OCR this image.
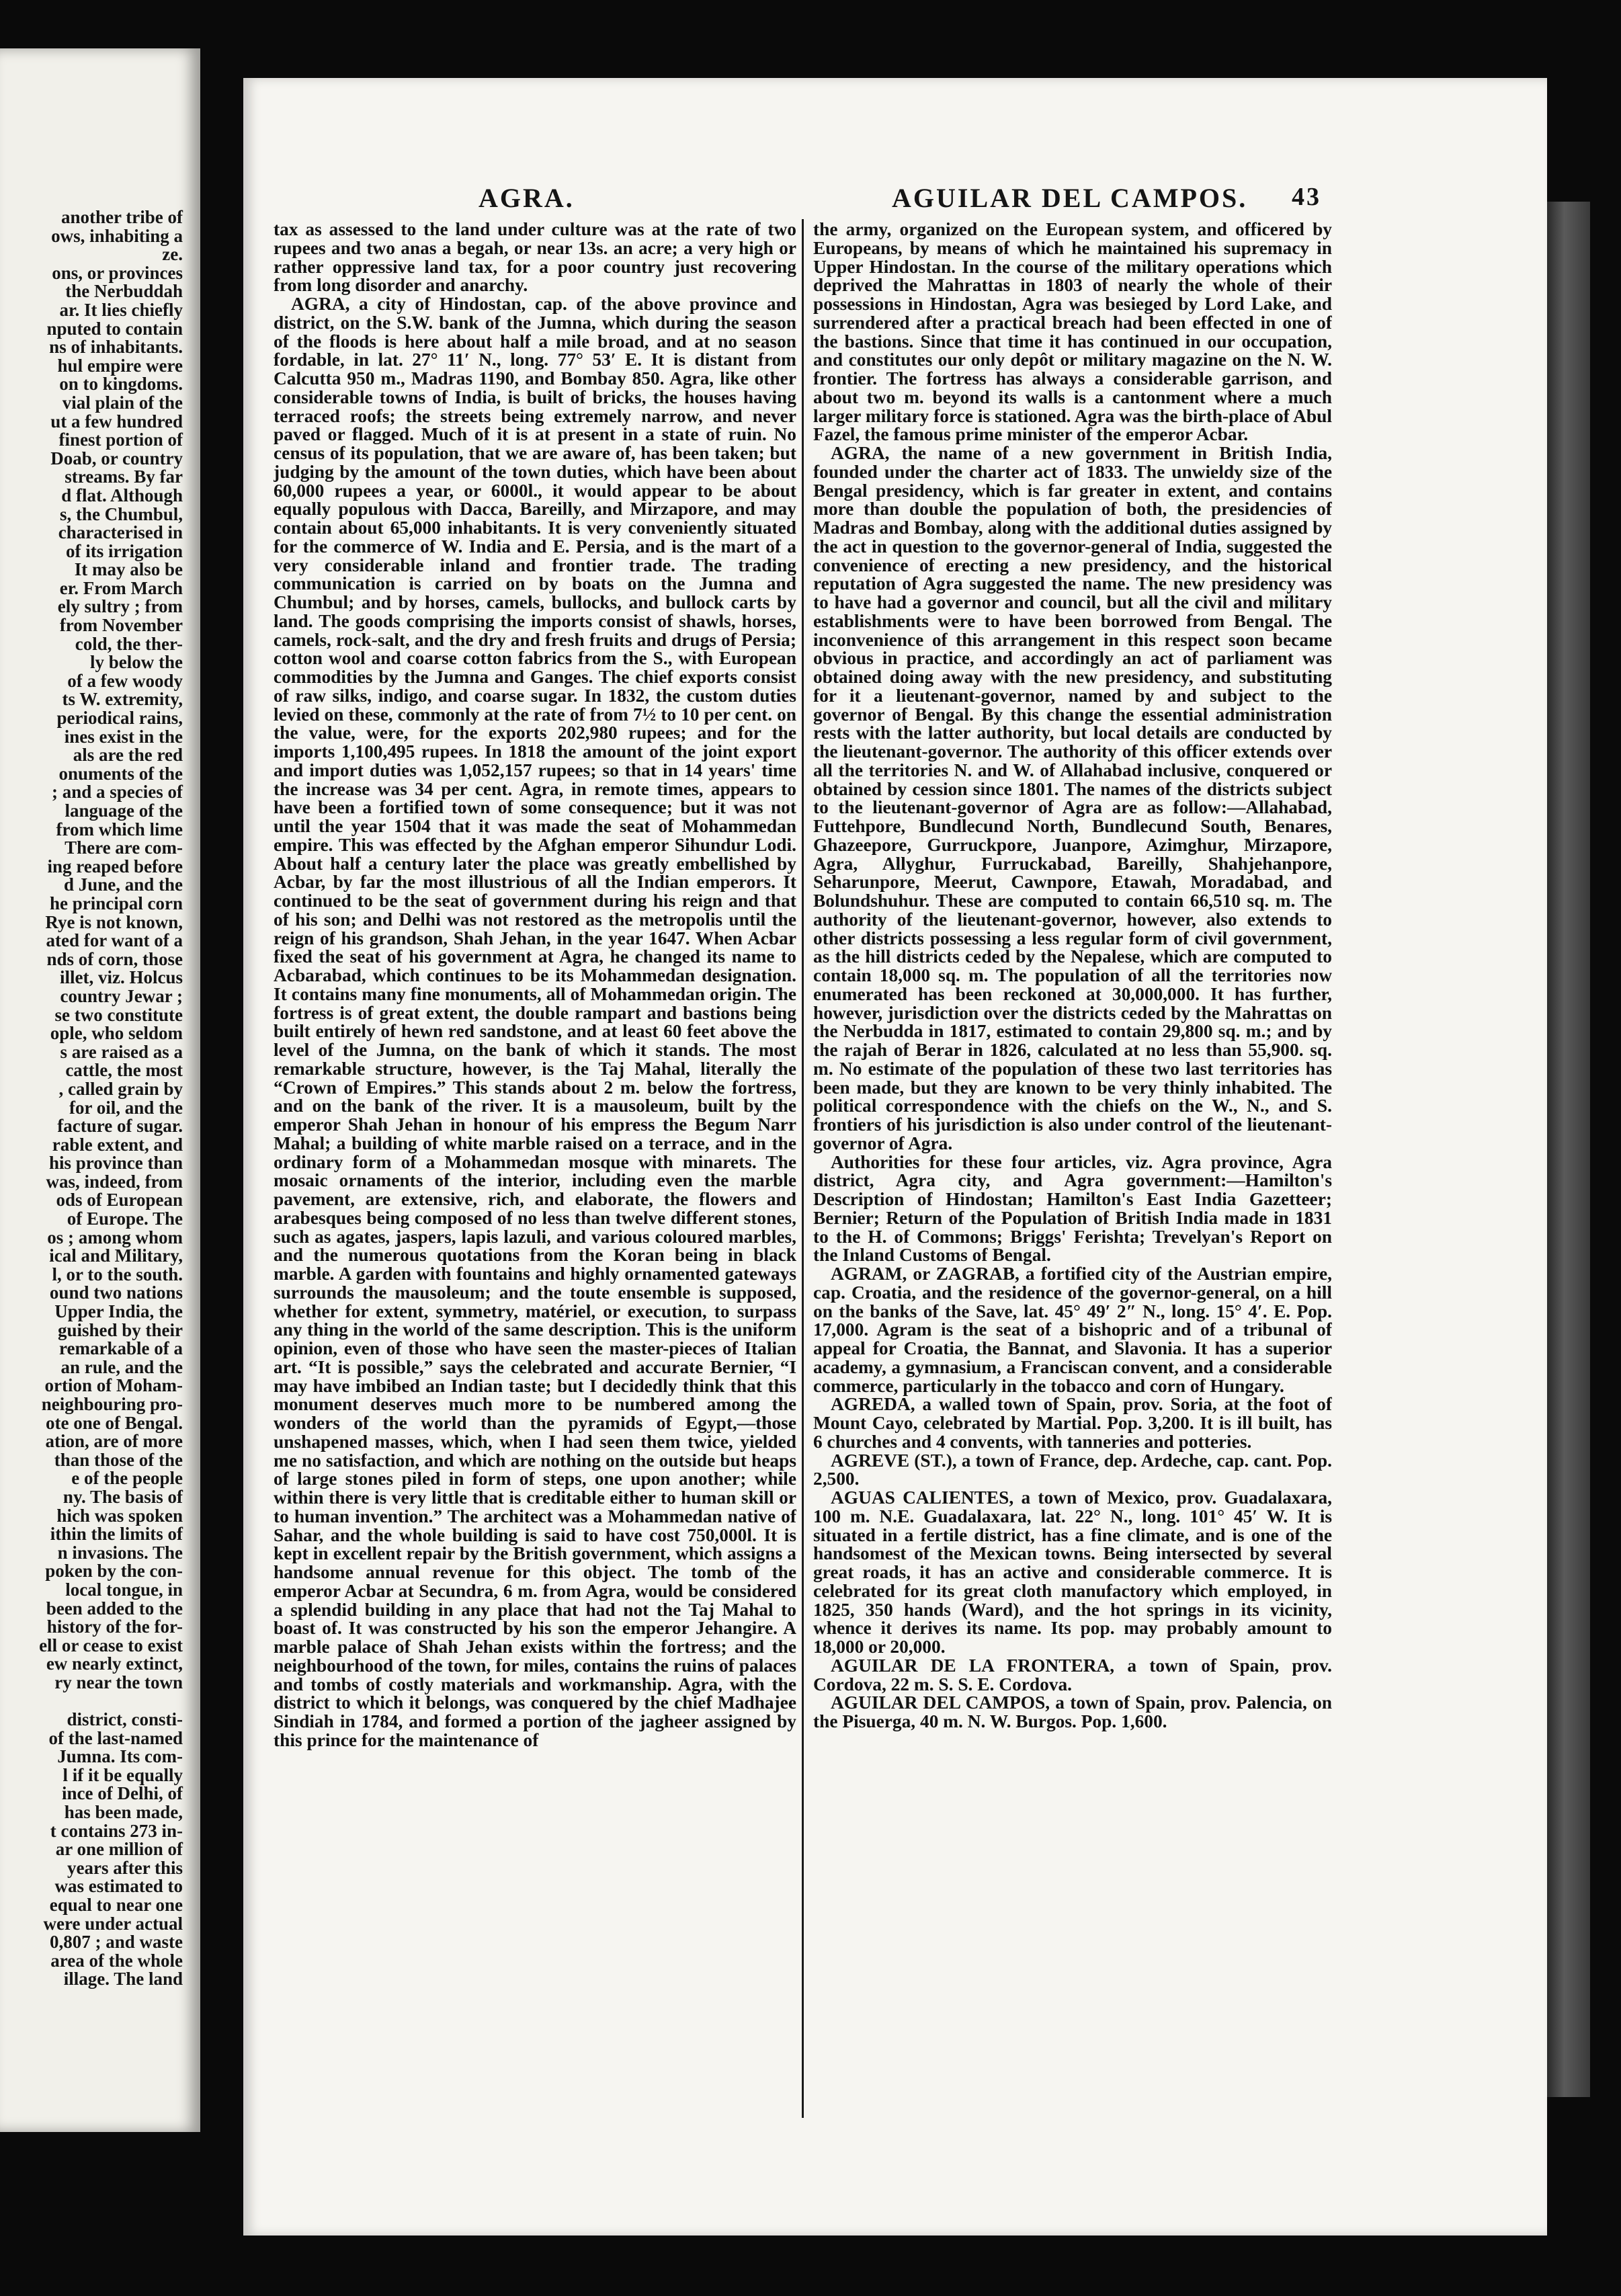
another tribe of
ows, inhabiting a
ze.
ons, or provinces
the Nerbuddah
ar. It lies chiefly
nputed to contain
ns of inhabitants.
hul empire were
on to kingdoms.
vial plain of the
ut a few hundred
finest portion of
Doab, or country
streams. By far
d flat. Although
s, the Chumbul,
characterised in
of its irrigation
It may also be
er. From March
ely sultry ; from
from November
cold, the ther-
ly below the
of a few woody
ts W. extremity,
periodical rains,
ines exist in the
als are the red
onuments of the
; and a species of
language of the
from which lime
There are com-
ing reaped before
d June, and the
he principal corn
Rye is not known,
ated for want of a
nds of corn, those
illet, viz. Holcus
country Jewar ;
se two constitute
ople, who seldom
s are raised as a
cattle, the most
, called grain by
for oil, and the
facture of sugar.
rable extent, and
his province than
was, indeed, from
ods of European
of Europe. The
os ; among whom
ical and Military,
l, or to the south.
ound two nations
Upper India, the
guished by their
remarkable of a
an rule, and the
ortion of Moham-
neighbouring pro-
ote one of Bengal.
ation, are of more
than those of the
e of the people
ny. The basis of
hich was spoken
ithin the limits of
n invasions. The
poken by the con-
local tongue, in
been added to the
history of the for-
ell or cease to exist
ew nearly extinct,
ry near the town

district, consti-
of the last-named
Jumna. Its com-
l if it be equally
ince of Delhi, of
has been made,
t contains 273 in-
ar one million of
years after this
was estimated to
equal to near one
were under actual
0,807 ; and waste
area of the whole
illage. The land
AGRA.	AGUILAR DEL CAMPOS. 43

tax as assessed to the land under culture was at the rate of two rupees and two anas a begah, or near 13s. an acre; a very high or rather oppressive land tax, for a poor country just recovering from long disorder and anarchy.

AGRA, a city of Hindostan, cap. of the above province and district, on the S.W. bank of the Jumna, which during the season of the floods is here about half a mile broad, and at no season fordable, in lat. 27° 11′ N., long. 77° 53′ E. It is distant from Calcutta 950 m., Madras 1190, and Bombay 850. Agra, like other considerable towns of India, is built of bricks, the houses having terraced roofs; the streets being extremely narrow, and never paved or flagged. Much of it is at present in a state of ruin. No census of its population, that we are aware of, has been taken; but judging by the amount of the town duties, which have been about 60,000 rupees a year, or 6000l., it would appear to be about equally populous with Dacca, Bareilly, and Mirzapore, and may contain about 65,000 inhabitants. It is very conveniently situated for the commerce of W. India and E. Persia, and is the mart of a very considerable inland and frontier trade. The trading communication is carried on by boats on the Jumna and Chumbul; and by horses, camels, bullocks, and bullock carts by land. The goods comprising the imports consist of shawls, horses, camels, rock-salt, and the dry and fresh fruits and drugs of Persia; cotton wool and coarse cotton fabrics from the S., with European commodities by the Jumna and Ganges. The chief exports consist of raw silks, indigo, and coarse sugar. In 1832, the custom duties levied on these, commonly at the rate of from 7½ to 10 per cent. on the value, were, for the exports 202,980 rupees; and for the imports 1,100,495 rupees. In 1818 the amount of the joint export and import duties was 1,052,157 rupees; so that in 14 years' time the increase was 34 per cent. Agra, in remote times, appears to have been a fortified town of some consequence; but it was not until the year 1504 that it was made the seat of Mohammedan empire. This was effected by the Afghan emperor Sihundur Lodi. About half a century later the place was greatly embellished by Acbar, by far the most illustrious of all the Indian emperors. It continued to be the seat of government during his reign and that of his son; and Delhi was not restored as the metropolis until the reign of his grandson, Shah Jehan, in the year 1647. When Acbar fixed the seat of his government at Agra, he changed its name to Acbarabad, which continues to be its Mohammedan designation. It contains many fine monuments, all of Mohammedan origin. The fortress is of great extent, the double rampart and bastions being built entirely of hewn red sandstone, and at least 60 feet above the level of the Jumna, on the bank of which it stands. The most remarkable structure, however, is the Taj Mahal, literally the “Crown of Empires.” This stands about 2 m. below the fortress, and on the bank of the river. It is a mausoleum, built by the emperor Shah Jehan in honour of his empress the Begum Narr Mahal; a building of white marble raised on a terrace, and in the ordinary form of a Mohammedan mosque with minarets. The mosaic ornaments of the interior, including even the marble pavement, are extensive, rich, and elaborate, the flowers and arabesques being composed of no less than twelve different stones, such as agates, jaspers, lapis lazuli, and various coloured marbles, and the numerous quotations from the Koran being in black marble. A garden with fountains and highly ornamented gateways surrounds the mausoleum; and the toute ensemble is supposed, whether for extent, symmetry, matériel, or execution, to surpass any thing in the world of the same description. This is the uniform opinion, even of those who have seen the master-pieces of Italian art. “It is possible,” says the celebrated and accurate Bernier, “I may have imbibed an Indian taste; but I decidedly think that this monument deserves much more to be numbered among the wonders of the world than the pyramids of Egypt,—those unshapened masses, which, when I had seen them twice, yielded me no satisfaction, and which are nothing on the outside but heaps of large stones piled in form of steps, one upon another; while within there is very little that is creditable either to human skill or to human invention.” The architect was a Mohammedan native of Sahar, and the whole building is said to have cost 750,000l. It is kept in excellent repair by the British government, which assigns a handsome annual revenue for this object. The tomb of the emperor Acbar at Secundra, 6 m. from Agra, would be considered a splendid building in any place that had not the Taj Mahal to boast of. It was constructed by his son the emperor Jehangire. A marble palace of Shah Jehan exists within the fortress; and the neighbourhood of the town, for miles, contains the ruins of palaces and tombs of costly materials and workmanship. Agra, with the district to which it belongs, was conquered by the chief Madhajee Sindiah in 1784, and formed a portion of the jagheer assigned by this prince for the maintenance of

the army, organized on the European system, and officered by Europeans, by means of which he maintained his supremacy in Upper Hindostan. In the course of the military operations which deprived the Mahrattas in 1803 of nearly the whole of their possessions in Hindostan, Agra was besieged by Lord Lake, and surrendered after a practical breach had been effected in one of the bastions. Since that time it has continued in our occupation, and constitutes our only depôt or military magazine on the N. W. frontier. The fortress has always a considerable garrison, and about two m. beyond its walls is a cantonment where a much larger military force is stationed. Agra was the birth-place of Abul Fazel, the famous prime minister of the emperor Acbar.

AGRA, the name of a new government in British India, founded under the charter act of 1833. The unwieldy size of the Bengal presidency, which is far greater in extent, and contains more than double the population of both, the presidencies of Madras and Bombay, along with the additional duties assigned by the act in question to the governor-general of India, suggested the convenience of erecting a new presidency, and the historical reputation of Agra suggested the name. The new presidency was to have had a governor and council, but all the civil and military establishments were to have been borrowed from Bengal. The inconvenience of this arrangement in this respect soon became obvious in practice, and accordingly an act of parliament was obtained doing away with the new presidency, and substituting for it a lieutenant-governor, named by and subject to the governor of Bengal. By this change the essential administration rests with the latter authority, but local details are conducted by the lieutenant-governor. The authority of this officer extends over all the territories N. and W. of Allahabad inclusive, conquered or obtained by cession since 1801. The names of the districts subject to the lieutenant-governor of Agra are as follow:—Allahabad, Futtehpore, Bundlecund North, Bundlecund South, Benares, Ghazeepore, Gurruckpore, Juanpore, Azimghur, Mirzapore, Agra, Allyghur, Furruckabad, Bareilly, Shahjehanpore, Seharunpore, Meerut, Cawnpore, Etawah, Moradabad, and Bolundshuhur. These are computed to contain 66,510 sq. m. The authority of the lieutenant-governor, however, also extends to other districts possessing a less regular form of civil government, as the hill districts ceded by the Nepalese, which are computed to contain 18,000 sq. m. The population of all the territories now enumerated has been reckoned at 30,000,000. It has further, however, jurisdiction over the districts ceded by the Mahrattas on the Nerbudda in 1817, estimated to contain 29,800 sq. m.; and by the rajah of Berar in 1826, calculated at no less than 55,900. sq. m. No estimate of the population of these two last territories has been made, but they are known to be very thinly inhabited. The political correspondence with the chiefs on the W., N., and S. frontiers of his jurisdiction is also under control of the lieutenant-governor of Agra.

Authorities for these four articles, viz. Agra province, Agra district, Agra city, and Agra government:—Hamilton's Description of Hindostan; Hamilton's East India Gazetteer; Bernier; Return of the Population of British India made in 1831 to the H. of Commons; Briggs' Ferishta; Trevelyan's Report on the Inland Customs of Bengal.

AGRAM, or ZAGRAB, a fortified city of the Austrian empire, cap. Croatia, and the residence of the governor-general, on a hill on the banks of the Save, lat. 45° 49′ 2″ N., long. 15° 4′. E. Pop. 17,000. Agram is the seat of a bishopric and of a tribunal of appeal for Croatia, the Bannat, and Slavonia. It has a superior academy, a gymnasium, a Franciscan convent, and a considerable commerce, particularly in the tobacco and corn of Hungary.

AGREDA, a walled town of Spain, prov. Soria, at the foot of Mount Cayo, celebrated by Martial. Pop. 3,200. It is ill built, has 6 churches and 4 convents, with tanneries and potteries.

AGREVE (ST.), a town of France, dep. Ardeche, cap. cant. Pop. 2,500.

AGUAS CALIENTES, a town of Mexico, prov. Guadalaxara, 100 m. N.E. Guadalaxara, lat. 22° N., long. 101° 45′ W. It is situated in a fertile district, has a fine climate, and is one of the handsomest of the Mexican towns. Being intersected by several great roads, it has an active and considerable commerce. It is celebrated for its great cloth manufactory which employed, in 1825, 350 hands (Ward), and the hot springs in its vicinity, whence it derives its name. Its pop. may probably amount to 18,000 or 20,000.

AGUILAR DE LA FRONTERA, a town of Spain, prov. Cordova, 22 m. S. S. E. Cordova.

AGUILAR DEL CAMPOS, a town of Spain, prov. Palencia, on the Pisuerga, 40 m. N. W. Burgos. Pop. 1,600.
